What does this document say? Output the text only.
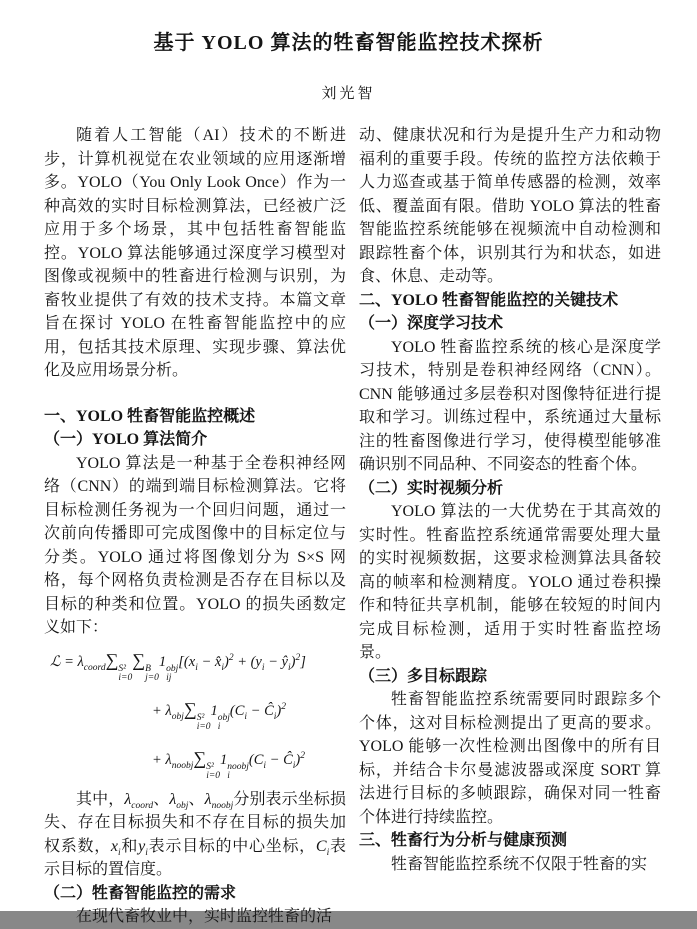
基于 YOLO 算法的牲畜智能监控技术探析
刘光智

随着人工智能（AI）技术的不断进步，计算机视觉在农业领域的应用逐渐增多。YOLO（You Only Look Once）作为一种高效的实时目标检测算法，已经被广泛应用于多个场景，其中包括牲畜智能监控。YOLO 算法能够通过深度学习模型对图像或视频中的牲畜进行检测与识别，为畜牧业提供了有效的技术支持。本篇文章旨在探讨 YOLO 在牲畜智能监控中的应用，包括其技术原理、实现步骤、算法优化及应用场景分析。

一、YOLO 牲畜智能监控概述
（一）YOLO 算法简介

YOLO 算法是一种基于全卷积神经网络（CNN）的端到端目标检测算法。它将目标检测任务视为一个回归问题，通过一次前向传播即可完成图像中的目标定位与分类。YOLO 通过将图像划分为 S×S 网格，每个网格负责检测是否存在目标以及目标的种类和位置。YOLO 的损失函数定义如下：

ℒ = $\lambda_{coord}\sum$ S²
i=0
∑ B
j=0
1 obj
ij
[($x_i$ − $x̂_i)^2 + (y_i$ − $ŷ_i)^2$]
+ $\lambda_{obj}\sum$ S²
i=0
1 obj
i
($C_i$ − $Ĉ_i)^2$
+ $\lambda_{noobj}\sum$ S²
i=0
1 noobj
i
($C_i$ − $Ĉ_i)^2$

其中，$\lambda_{coord}$、$\lambda_{obj}$、$\lambda_{noobj}$分别表示坐标损失、存在目标损失和不存在目标的损失加权系数，$x_i$和$y_i$表示目标的中心坐标，$C_i$表示目标的置信度。

（二）牲畜智能监控的需求

在现代畜牧业中，实时监控牲畜的活

动、健康状况和行为是提升生产力和动物福利的重要手段。传统的监控方法依赖于人力巡查或基于简单传感器的检测，效率低、覆盖面有限。借助 YOLO 算法的牲畜智能监控系统能够在视频流中自动检测和跟踪牲畜个体，识别其行为和状态，如进食、休息、走动等。

二、YOLO 牲畜智能监控的关键技术
（一）深度学习技术

YOLO 牲畜监控系统的核心是深度学习技术，特别是卷积神经网络（CNN）。CNN 能够通过多层卷积对图像特征进行提取和学习。训练过程中，系统通过大量标注的牲畜图像进行学习，使得模型能够准确识别不同品种、不同姿态的牲畜个体。

（二）实时视频分析

YOLO 算法的一大优势在于其高效的实时性。牲畜监控系统通常需要处理大量的实时视频数据，这要求检测算法具备较高的帧率和检测精度。YOLO 通过卷积操作和特征共享机制，能够在较短的时间内完成目标检测，适用于实时牲畜监控场景。

（三）多目标跟踪

牲畜智能监控系统需要同时跟踪多个个体，这对目标检测提出了更高的要求。YOLO 能够一次性检测出图像中的所有目标，并结合卡尔曼滤波器或深度 SORT 算法进行目标的多帧跟踪，确保对同一牲畜个体进行持续监控。

三、牲畜行为分析与健康预测

牲畜智能监控系统不仅限于牲畜的实
